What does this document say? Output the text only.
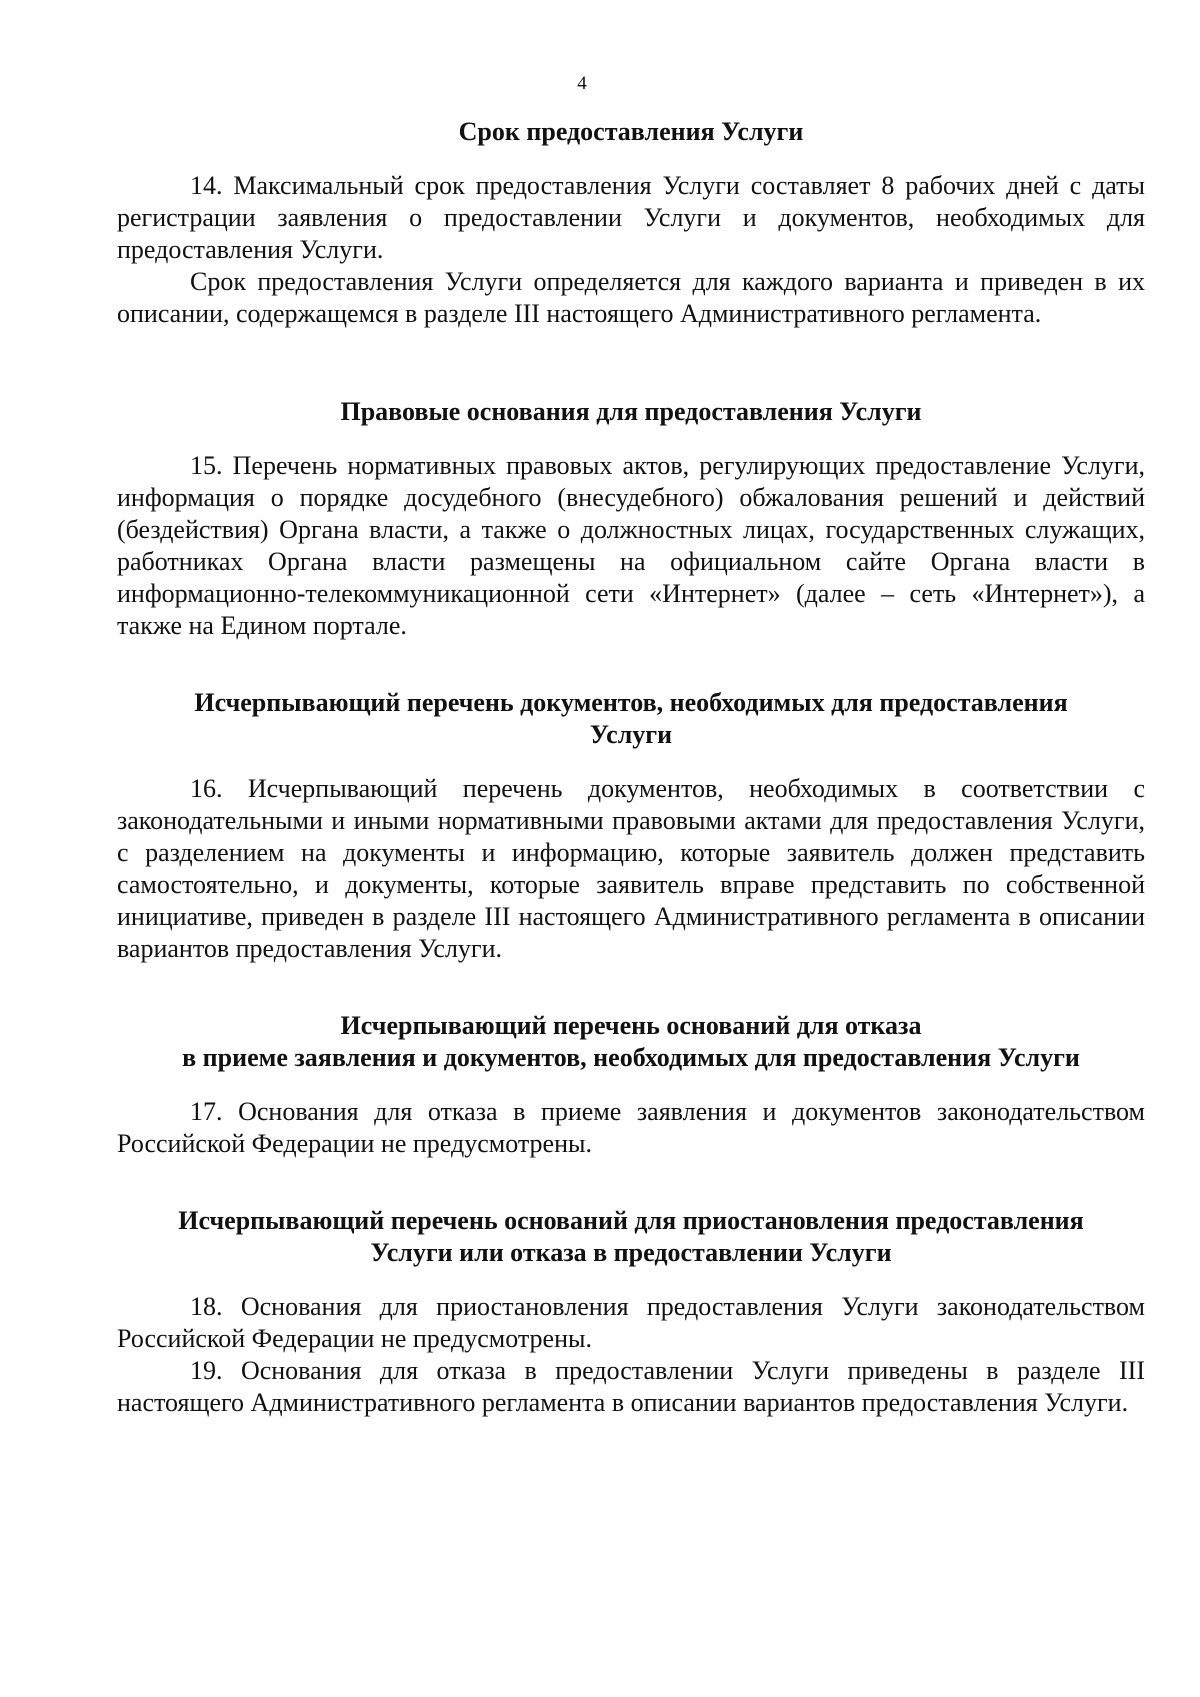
4

Срок предоставления Услуги

14. Максимальный срок предоставления Услуги составляет 8 рабочих дней с даты регистрации заявления о предоставлении Услуги и документов, необходимых для предоставления Услуги.

Срок предоставления Услуги определяется для каждого варианта и приведен в их описании, содержащемся в разделе III настоящего Административного регламента.

Правовые основания для предоставления Услуги

15. Перечень нормативных правовых актов, регулирующих предоставление Услуги, информация о порядке досудебного (внесудебного) обжалования решений и действий (бездействия) Органа власти, а также о должностных лицах, государственных служащих, работниках Органа власти размещены на официальном сайте Органа власти в информационно-телекоммуникационной сети «Интернет» (далее – сеть «Интернет»), а также на Едином портале.

Исчерпывающий перечень документов, необходимых для предоставления

Услуги

16. Исчерпывающий перечень документов, необходимых в соответствии с законодательными и иными нормативными правовыми актами для предоставления Услуги, с разделением на документы и информацию, которые заявитель должен представить самостоятельно, и документы, которые заявитель вправе представить по собственной инициативе, приведен в разделе III настоящего Административного регламента в описании вариантов предоставления Услуги.

Исчерпывающий перечень оснований для отказа

в приеме заявления и документов, необходимых для предоставления Услуги

17. Основания для отказа в приеме заявления и документов законодательством Российской Федерации не предусмотрены.

Исчерпывающий перечень оснований для приостановления предоставления

Услуги или отказа в предоставлении Услуги

18. Основания для приостановления предоставления Услуги законодательством Российской Федерации не предусмотрены.

19. Основания для отказа в предоставлении Услуги приведены в разделе III настоящего Административного регламента в описании вариантов предоставления Услуги.
